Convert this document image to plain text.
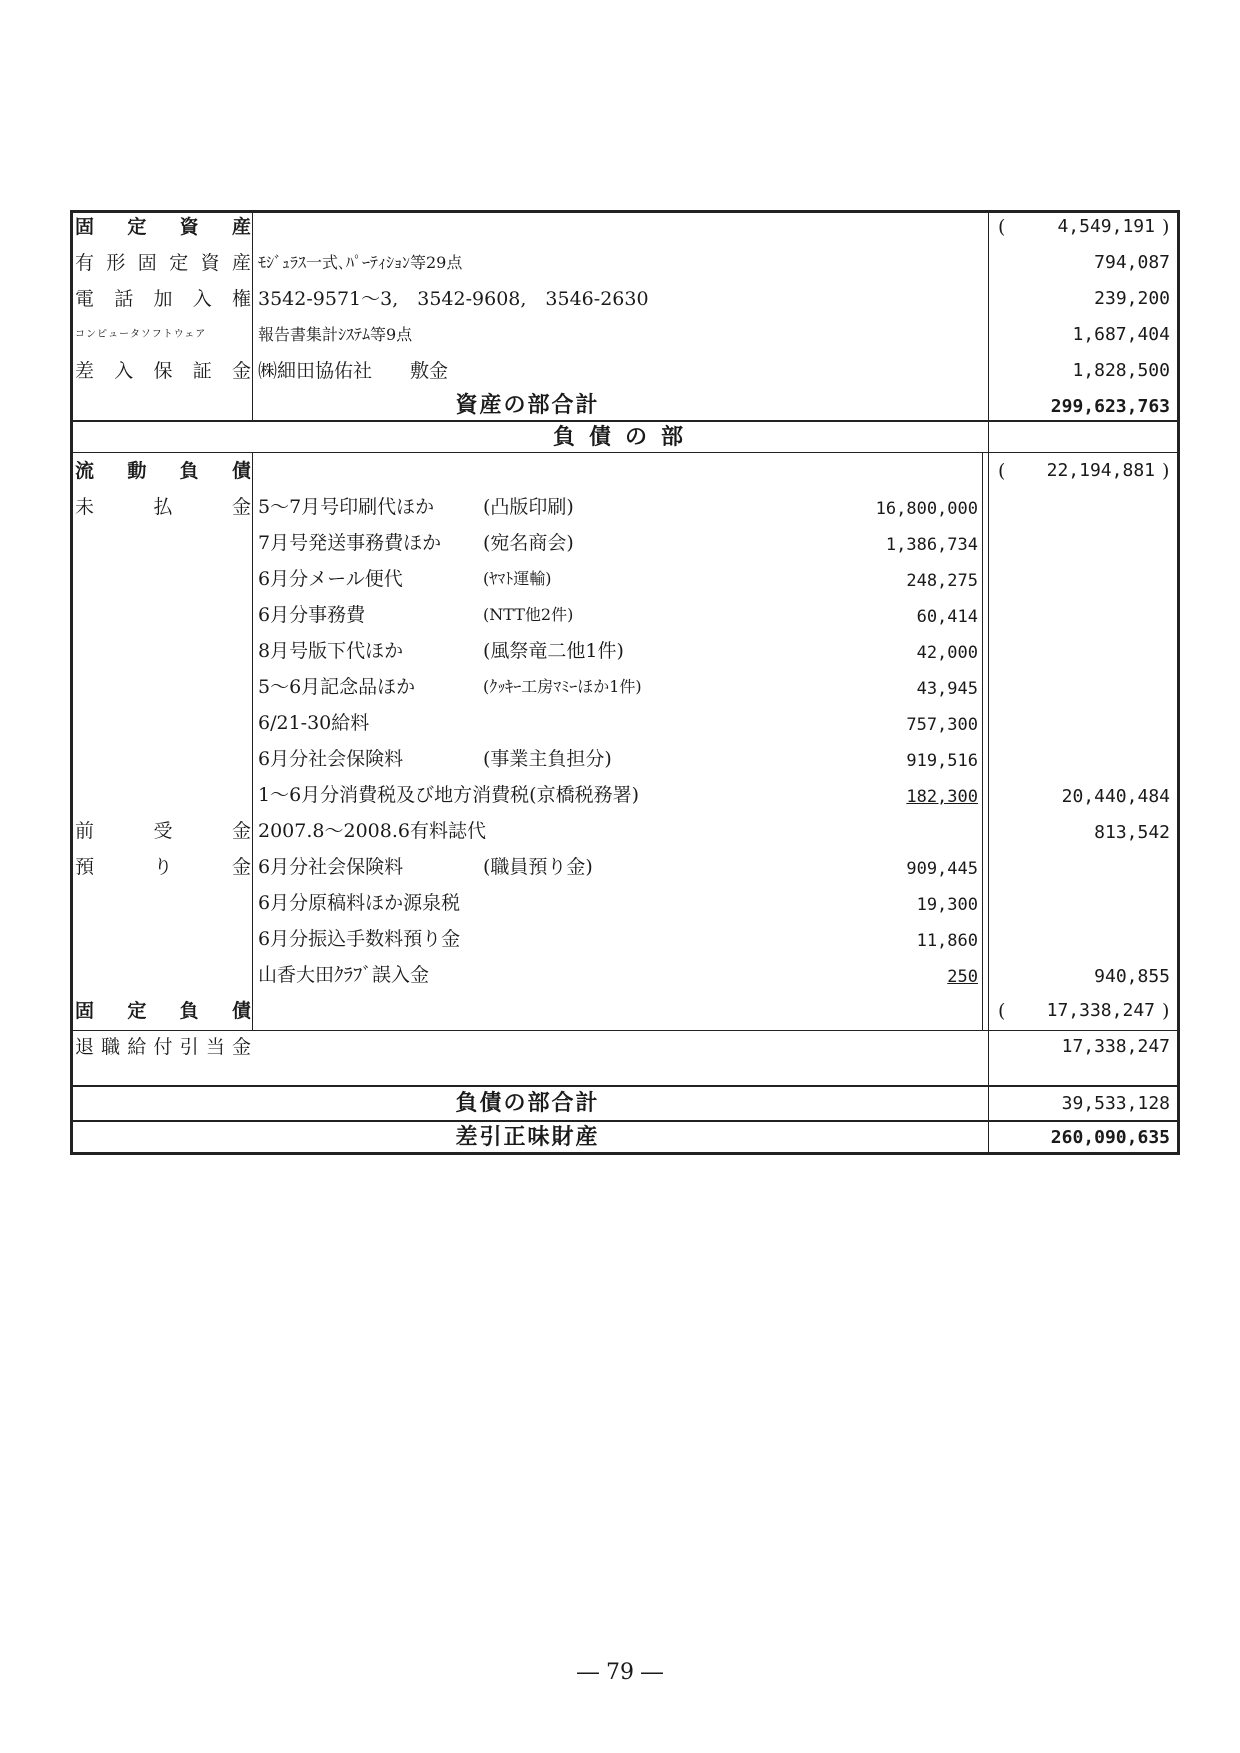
固定資産	(	4,549,191 )
有形固定資産 ﾓｼﾞｭﾗｽ一式､ﾊﾟｰﾃｨｼｮﾝ等29点	794,087
電話加入権 3542-9571～3,　3542-9608,　3546-2630	239,200
コンピュータソフトウェア	報告書集計ｼｽﾃﾑ等9点	1,687,404
差入保証金 ㈱細田協佑社　　敷金	1,828,500
資産の部合計	299,623,763
負債の部
流動負債	(	22,194,881 )
未払金 5～7月号印刷代ほか	(凸版印刷)	16,800,000
7月号発送事務費ほか (宛名商会)	1,386,734
6月分メール便代	(ﾔﾏﾄ運輸)	248,275
6月分事務費	(NTT他2件)	60,414
8月号版下代ほか	(風祭竜二他1件)	42,000
5～6月記念品ほか	(ｸｯｷｰ工房ﾏﾐｰほか1件)	43,945
6/21-30給料	757,300
6月分社会保険料	(事業主負担分)	919,516
1～6月分消費税及び地方消費税(京橋税務署)	182,300	20,440,484
前受金 2007.8～2008.6有料誌代	813,542
預り金 6月分社会保険料	(職員預り金)	909,445
6月分原稿料ほか源泉税	19,300
6月分振込手数料預り金	11,860
山香大田ｸﾗﾌﾞ誤入金	250	940,855
固定負債	(	17,338,247 )
退職給付引当金	17,338,247
負債の部合計	39,533,128
差引正味財産	260,090,635
― 79 ―
